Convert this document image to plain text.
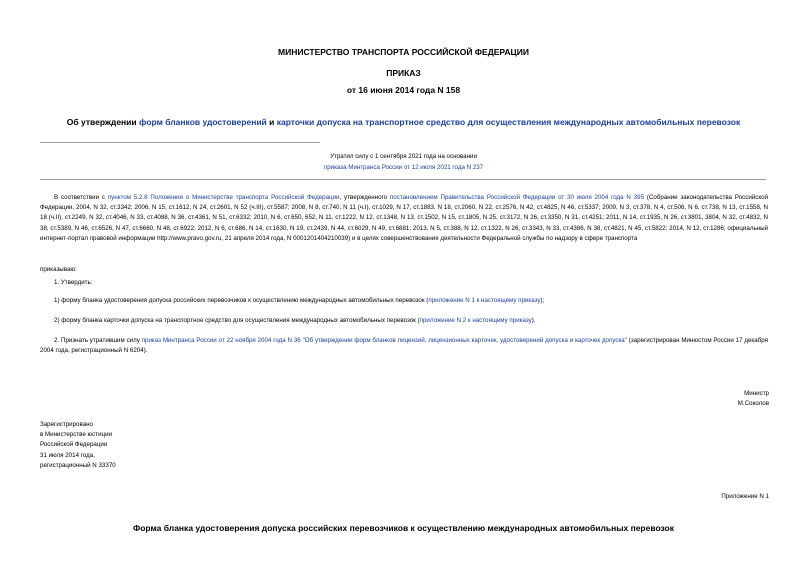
МИНИСТЕРСТВО ТРАНСПОРТА РОССИЙСКОЙ ФЕДЕРАЦИИ
ПРИКАЗ
от 16 июня 2014 года N 158
Об утверждении форм бланков удостоверений и карточки допуска на транспортное средство для осуществления международных автомобильных перевозок
Утратил силу с 1 сентября 2021 года на основании
приказа Минтранса России от 12 июля 2021 года N 237
В соответствии с пунктом 5.2.8 Положения о Министерстве транспорта Российской Федерации, утвержденного постановлением Правительства Российской Федерации от 30 июля 2004 года N 395 (Собрание законодательства Российской Федерации, 2004, N 32, ст.3342; 2006, N 15, ст.1612, N 24, ст.2601, N 52 (ч.III), ст.5587; 2008, N 8, ст.740, N 11 (ч.I), ст.1029, N 17, ст.1883, N 18, ст.2060, N 22, ст.2576, N 42, ст.4825, N 46, ст.5337; 2009, N 3, ст.378, N 4, ст.506, N 6, ст.738, N 13, ст.1558, N 18 (ч.II), ст.2249, N 32, ст.4046, N 33, ст.4088, N 36, ст.4361, N 51, ст.6332; 2010, N 6, ст.650, 652, N 11, ст.1222, N 12, ст.1348, N 13, ст.1502, N 15, ст.1805, N 25, ст.3172, N 26, ст.3350, N 31, ст.4251; 2011, N 14, ст.1935, N 26, ст.3801, 3804, N 32, ст.4832, N 38, ст.5389, N 46, ст.6526, N 47, ст.6660, N 48, ст.6922; 2012, N 6, ст.686, N 14, ст.1630, N 19, ст.2439, N 44, ст.6029, N 49, ст.6881; 2013, N 5, ст.388, N 12, ст.1322, N 26, ст.3343, N 33, ст.4386, N 38, ст.4821, N 45, ст.5822; 2014, N 12, ст.1286; официальный интернет-портал правовой информации http://www.pravo.gov.ru, 21 апреля 2014 года, N 0001201404210039) и в целях совершенствования деятельности Федеральной службы по надзору в сфере транспорта
приказываю:
1. Утвердить:
1) форму бланка удостоверения допуска российских перевозчиков к осуществлению международных автомобильных перевозок (приложение N 1 к настоящему приказу);
2) форму бланка карточки допуска на транспортное средство для осуществления международных автомобильных перевозок (приложение N 2 к настоящему приказу).
2. Признать утратившим силу приказ Минтранса России от 22 ноября 2004 года N 36 "Об утверждении форм бланков лицензий, лицензионных карточек, удостоверений допуска и карточек допуска" (зарегистрирован Минюстом России 17 декабря 2004 года, регистрационный N 6204).
Министр
М.Соколов
Зарегистрировано
в Министерстве юстиции
Российской Федерации
31 июля 2014 года,
регистрационный N 33370
Приложение N 1
Форма бланка удостоверения допуска российских перевозчиков к осуществлению международных автомобильных перевозок
